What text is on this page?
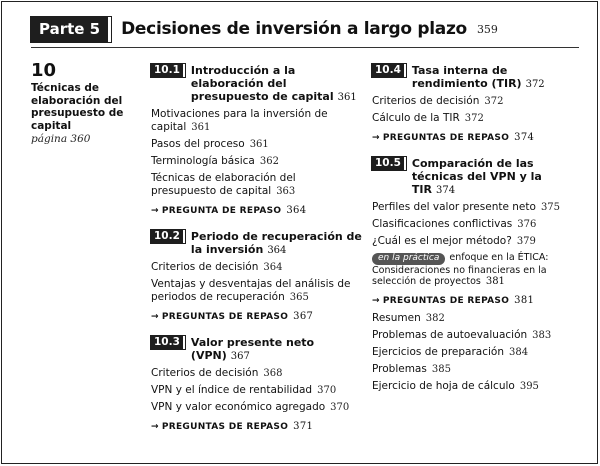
Parte 5	Decisiones de inversión a largo plazo 359
10
Técnicas de elaboración del presupuesto de capital
página 360
10.1	Introducción a la elaboración del presupuesto de capital 361
Motivaciones para la inversión de capital 361
Pasos del proceso 361
Terminología básica 362
Técnicas de elaboración del presupuesto de capital 363
→ PREGUNTA DE REPASO 364
10.2	Periodo de recuperación de la inversión 364
Criterios de decisión 364
Ventajas y desventajas del análisis de periodos de recuperación 365
→ PREGUNTAS DE REPASO 367
10.3	Valor presente neto (VPN) 367
Criterios de decisión 368
VPN y el índice de rentabilidad 370
VPN y valor económico agregado 370
→ PREGUNTAS DE REPASO 371
10.4	Tasa interna de rendimiento (TIR) 372
Criterios de decisión 372
Cálculo de la TIR 372
→ PREGUNTAS DE REPASO 374
10.5	Comparación de las técnicas del VPN y la TIR 374
Perfiles del valor presente neto 375
Clasificaciones conflictivas 376
¿Cuál es el mejor método? 379
en la práctica enfoque en la ÉTICA: Consideraciones no financieras en la selección de proyectos 381
→ PREGUNTAS DE REPASO 381
Resumen 382
Problemas de autoevaluación 383
Ejercicios de preparación 384
Problemas 385
Ejercicio de hoja de cálculo 395
